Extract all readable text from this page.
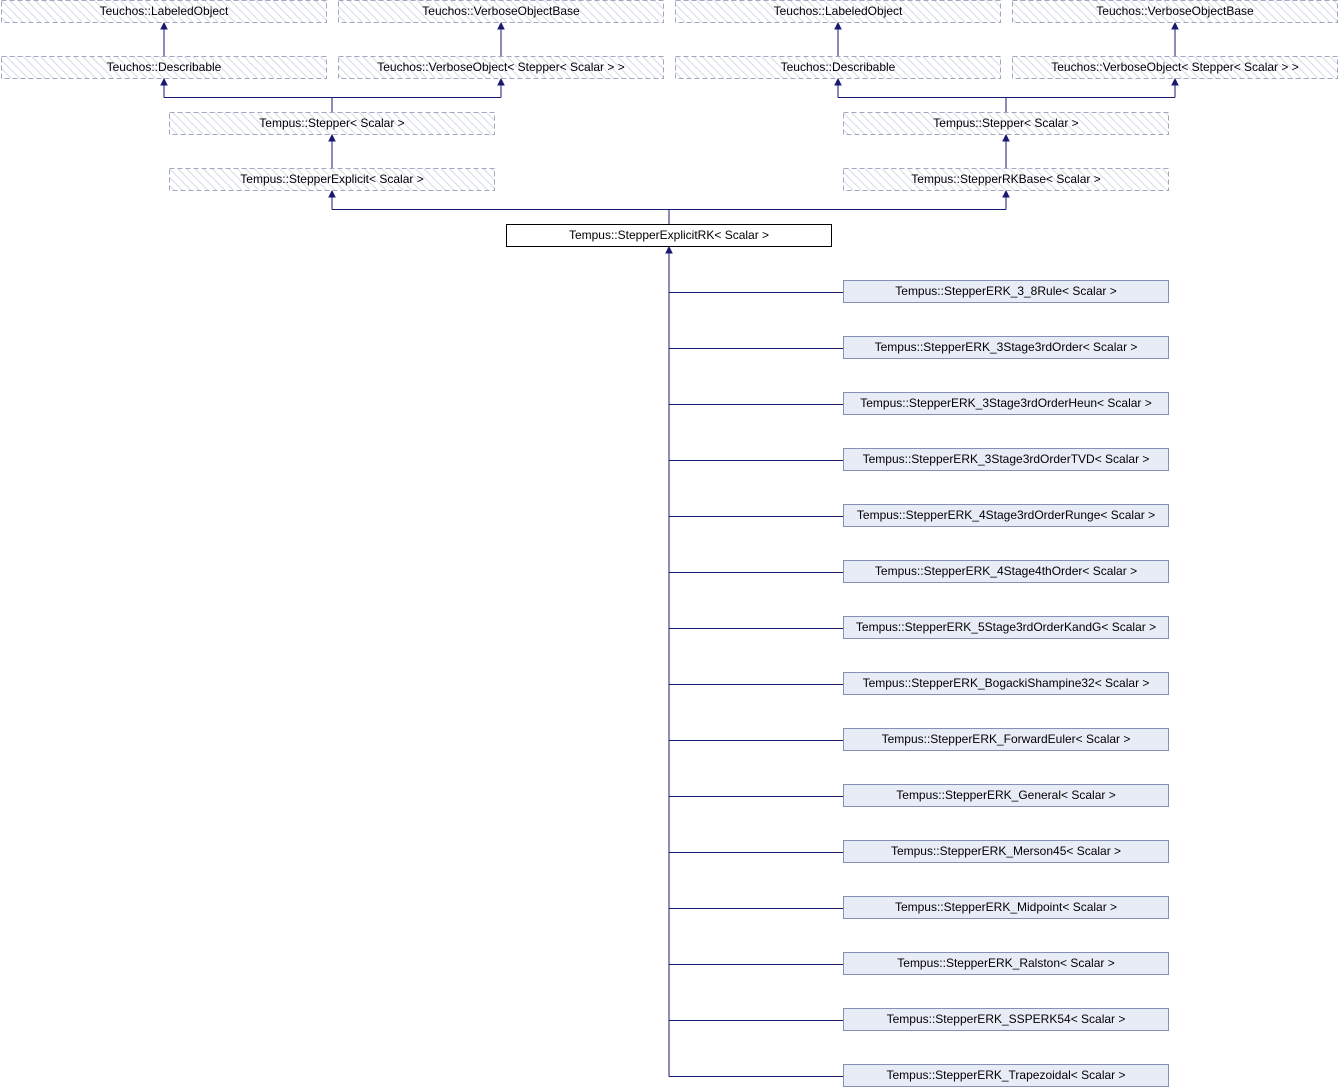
Teuchos::LabeledObject	Teuchos::VerboseObjectBase	Teuchos::LabeledObject	Teuchos::VerboseObjectBase
Teuchos::Describable	Teuchos::VerboseObject< Stepper< Scalar > >	Teuchos::Describable	Teuchos::VerboseObject< Stepper< Scalar > >
Tempus::Stepper< Scalar >	Tempus::Stepper< Scalar >
Tempus::StepperExplicit< Scalar >	Tempus::StepperRKBase< Scalar >
Tempus::StepperExplicitRK< Scalar >
Tempus::StepperERK_3_8Rule< Scalar >
Tempus::StepperERK_3Stage3rdOrder< Scalar >
Tempus::StepperERK_3Stage3rdOrderHeun< Scalar >
Tempus::StepperERK_3Stage3rdOrderTVD< Scalar >
Tempus::StepperERK_4Stage3rdOrderRunge< Scalar >
Tempus::StepperERK_4Stage4thOrder< Scalar >
Tempus::StepperERK_5Stage3rdOrderKandG< Scalar >
Tempus::StepperERK_BogackiShampine32< Scalar >
Tempus::StepperERK_ForwardEuler< Scalar >
Tempus::StepperERK_General< Scalar >
Tempus::StepperERK_Merson45< Scalar >
Tempus::StepperERK_Midpoint< Scalar >
Tempus::StepperERK_Ralston< Scalar >
Tempus::StepperERK_SSPERK54< Scalar >
Tempus::StepperERK_Trapezoidal< Scalar >
